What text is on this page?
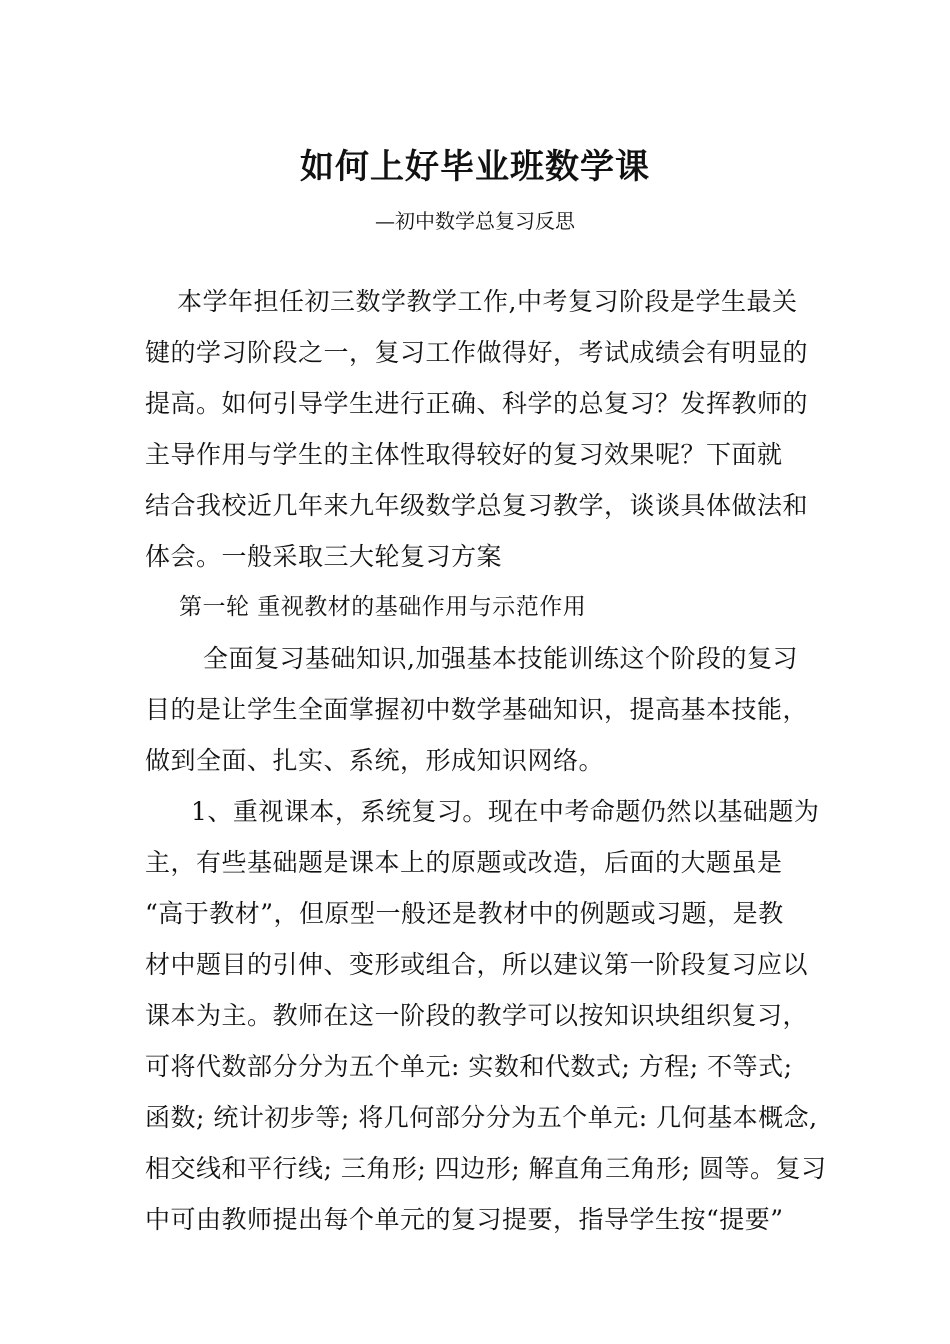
如何上好毕业班数学课

—初中数学总复习反思

本学年担任初三数学教学工作,中考复习阶段是学生最关

键的学习阶段之一，复习工作做得好，考试成绩会有明显的

提高。如何引导学生进行正确、科学的总复习？发挥教师的

主导作用与学生的主体性取得较好的复习效果呢？下面就

结合我校近几年来九年级数学总复习教学，谈谈具体做法和

体会。一般采取三大轮复习方案

第一轮 重视教材的基础作用与示范作用

全面复习基础知识,加强基本技能训练这个阶段的复习

目的是让学生全面掌握初中数学基础知识，提高基本技能，

做到全面、扎实、系统，形成知识网络。

1、重视课本，系统复习。现在中考命题仍然以基础题为

主，有些基础题是课本上的原题或改造，后面的大题虽是

“高于教材”，但原型一般还是教材中的例题或习题，是教

材中题目的引伸、变形或组合，所以建议第一阶段复习应以

课本为主。教师在这一阶段的教学可以按知识块组织复习，

可将代数部分分为五个单元: 实数和代数式; 方程; 不等式;

函数; 统计初步等; 将几何部分分为五个单元: 几何基本概念,

相交线和平行线; 三角形; 四边形; 解直角三角形; 圆等。复习

中可由教师提出每个单元的复习提要，指导学生按“提要”
